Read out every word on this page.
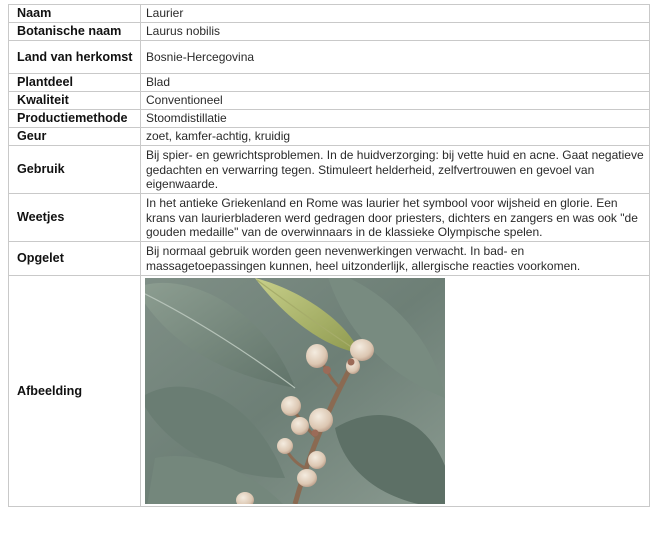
Naam	Laurier
Botanische naam	Laurus nobilis
Land van herkomst	Bosnie-Hercegovina
Plantdeel	Blad
Kwaliteit	Conventioneel
Productiemethode	Stoomdistillatie
Geur	zoet, kamfer-achtig, kruidig
Gebruik	Bij spier- en gewrichtsproblemen. In de huidverzorging: bij vette huid en acne. Gaat negatieve gedachten en verwarring tegen. Stimuleert helderheid, zelfvertrouwen en gevoel van eigenwaarde.
Weetjes	In het antieke Griekenland en Rome was laurier het symbool voor wijsheid en glorie. Een krans van laurierbladeren werd gedragen door priesters, dichters en zangers en was ook "de gouden medaille" van de overwinnaars in de klassieke Olympische spelen.
Opgelet	Bij normaal gebruik worden geen nevenwerkingen verwacht. In bad- en massagetoepassingen kunnen, heel uitzonderlijk, allergische reacties voorkomen.
Afbeelding	
